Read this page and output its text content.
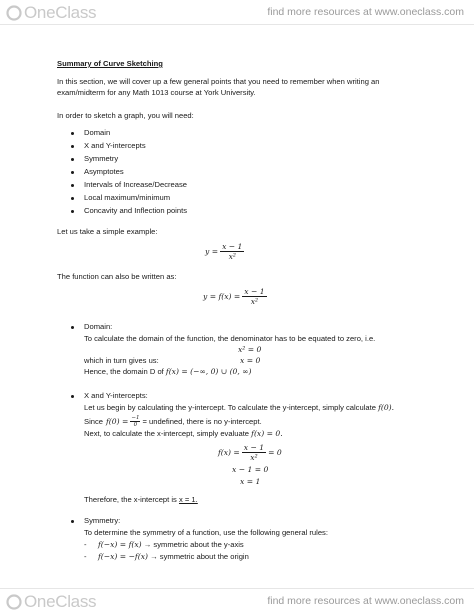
OneClass	find more resources at www.oneclass.com
Summary of Curve Sketching
In this section, we will cover up a few general points that you need to remember when writing an
exam/midterm for any Math 1013 course at York University.
In order to sketch a graph, you will need:
Domain
X and Y-intercepts
Symmetry
Asymptotes
Intervals of Increase/Decrease
Local maximum/minimum
Concavity and Inflection points
Let us take a simple example:
$y = \frac{x - 1}{\text{x²}}$
The function can also be written as:
$y = f(x) = \frac{x - 1}{\text{x²}}$
Domain:
To calculate the domain of the function, the denominator has to be equated to zero, i.e.
x² = 0
which in turn gives us:	x = 0
Hence, the domain D of f(x) = (−∞, 0) ∪ (0, ∞)
X and Y-intercepts:
Let us begin by calculating the y-intercept. To calculate the y-intercept, simply calculate f(0).
Since $f(0) = \frac{-1}{0}$ = undefined, there is no y-intercept.
Next, to calculate the x-intercept, simply evaluate f(x) = 0.
$f(x) = \frac{x - 1}{\text{x²}} = 0$
x − 1 = 0
x = 1
Therefore, the x-intercept is x = 1.
Symmetry:
To determine the symmetry of a function, use the following general rules:
- f(−x) = f(x) → symmetric about the y-axis
- f(−x) = −f(x) → symmetric about the origin
OneClass	find more resources at www.oneclass.com
